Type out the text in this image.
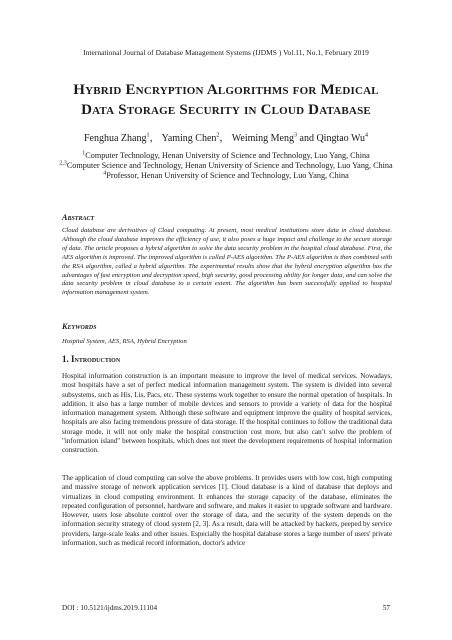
International Journal of Database Management Systems (IJDMS ) Vol.11, No.1, February 2019
Hybrid Encryption Algorithms for Medical
Data Storage Security in Cloud Database
Fenghua Zhang$^1$， Yaming Chen$^2$， Weiming Meng$^3$ and Qingtao Wu$^4$
$^1$Computer Technology, Henan University of Science and Technology, Luo Yang, China
$^{2,3}$Computer Science and Technology, Henan University of Science and Technology, Luo Yang, China
$^4$Professor, Henan University of Science and Technology, Luo Yang, China
Abstract
Cloud database are derivatives of Cloud computing. At present, most medical institutions store data in cloud database. Although the cloud database improves the efficiency of use, it also poses a huge impact and challenge to the secure storage of data. The article proposes a hybrid algorithm to solve the data security problem in the hospital cloud database. First, the AES algorithm is improved. The improved algorithm is called P-AES algorithm. The P-AES algorithm is then combined with the RSA algorithm, called a hybrid algorithm. The experimental results show that the hybrid encryption algorithm has the advantages of fast encryption and decryption speed, high security, good processing ability for longer data, and can solve the data security problem in cloud database to a certain extent. The algorithm has been successfully applied to hospital information management system.
Keywords
Hospital System, AES, RSA, Hybrid Encryption
1. Introduction
Hospital information construction is an important measure to improve the level of medical services. Nowadays, most hospitals have a set of perfect medical information management system. The system is divided into several subsystems, such as His, Lis, Pacs, etc. These systems work together to ensure the normal operation of hospitals. In addition, it also has a large number of mobile devices and sensors to provide a variety of data for the hospital information management system. Although these software and equipment improve the quality of hospital services, hospitals are also facing tremendous pressure of data storage. If the hospital continues to follow the traditional data storage mode, it will not only make the hospital construction cost more, but also can’t solve the problem of "information island" between hospitals, which does not meet the development requirements of hospital information construction.
The application of cloud computing can solve the above problems. It provides users with low cost, high computing and massive storage of network application services [1]. Cloud database is a kind of database that deploys and virtualizes in cloud computing environment. It enhances the storage capacity of the database, eliminates the repeated configuration of personnel, hardware and software, and makes it easier to upgrade software and hardware. However, users lose absolute control over the storage of data, and the security of the system depends on the information security strategy of cloud system [2, 3]. As a result, data will be attacked by hackers, peeped by service providers, large-scale leaks and other issues. Especially the hospital database stores a large number of users' private information, such as medical record information, doctor's advice
DOI : 10.5121/ijdms.2019.11104	57
